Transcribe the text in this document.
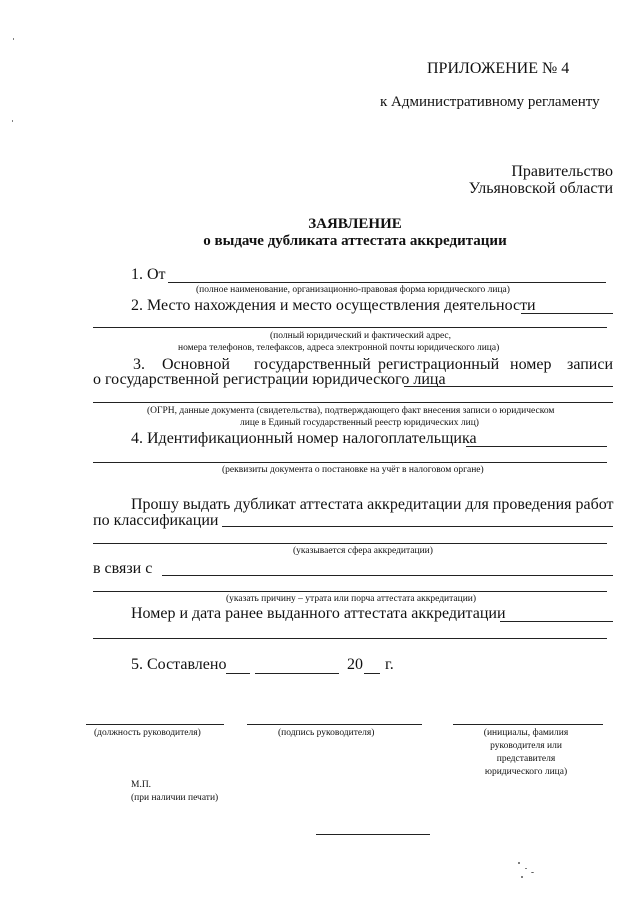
ПРИЛОЖЕНИЕ № 4
к Административному регламенту
Правительство
Ульяновской области
ЗАЯВЛЕНИЕ
о выдаче дубликата аттестата аккредитации
1. От
(полное наименование, организационно-правовая форма юридического лица)
2. Место нахождения и место осуществления деятельности
(полный юридический и фактический адрес,
номера телефонов, телефаксов, адреса электронной почты юридического лица)
3. Основной государственный регистрационный номер записи
о государственной регистрации юридического лица
(ОГРН, данные документа (свидетельства), подтверждающего факт внесения записи о юридическом
лице в Единый государственный реестр юридических лиц)
4. Идентификационный номер налогоплательщика
(реквизиты документа о постановке на учёт в налоговом органе)
Прошу выдать дубликат аттестата аккредитации для проведения работ
по классификации
(указывается сфера аккредитации)
в связи с
(указать причину – утрата или порча аттестата аккредитации)
Номер и дата ранее выданного аттестата аккредитации
5. Составлено	20 г.
(должность руководителя)	(подпись руководителя)	(инициалы, фамилия
руководителя или
представителя
юридического лица)
М.П.
(при наличии печати)
